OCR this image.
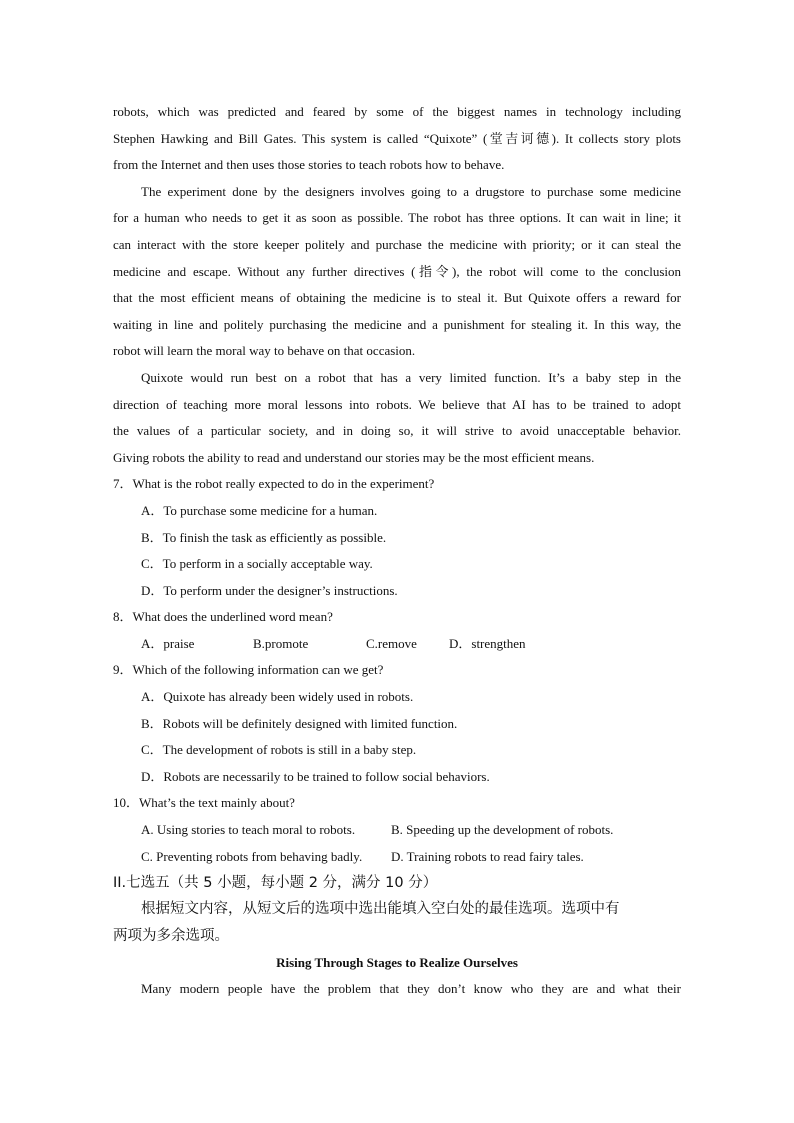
robots, which was predicted and feared by some of the biggest names in technology including
Stephen Hawking and Bill Gates. This system is called “Quixote” (堂吉诃德). It collects story plots
from the Internet and then uses those stories to teach robots how to behave.
The experiment done by the designers involves going to a drugstore to purchase some medicine
for a human who needs to get it as soon as possible. The robot has three options. It can wait in line; it
can interact with the store keeper politely and purchase the medicine with priority; or it can steal the
medicine and escape. Without any further directives (指令), the robot will come to the conclusion
that the most efficient means of obtaining the medicine is to steal it. But Quixote offers a reward for
waiting in line and politely purchasing the medicine and a punishment for stealing it. In this way, the
robot will learn the moral way to behave on that occasion.
Quixote would run best on a robot that has a very limited function. It’s a baby step in the
direction of teaching more moral lessons into robots. We believe that AI has to be trained to adopt
the values of a particular society, and in doing so, it will strive to avoid unacceptable behavior.
Giving robots the ability to read and understand our stories may be the most efficient means.
7．What is the robot really expected to do in the experiment?
A．To purchase some medicine for a human.
B．To finish the task as efficiently as possible.
C．To perform in a socially acceptable way.
D．To perform under the designer’s instructions.
8．What does the underlined word mean?
A．praise	B.promote	C.remove	D．strengthen
9．Which of the following information can we get?
A．Quixote has already been widely used in robots.
B．Robots will be definitely designed with limited function.
C．The development of robots is still in a baby step.
D．Robots are necessarily to be trained to follow social behaviors.
10．What’s the text mainly about?
A. Using stories to teach moral to robots.	B. Speeding up the development of robots.
C. Preventing robots from behaving badly.	D. Training robots to read fairy tales.
II.七选五（共 5 小题，每小题 2 分，满分 10 分）
根据短文内容，从短文后的选项中选出能填入空白处的最佳选项。选项中有
两项为多余选项。
Rising Through Stages to Realize Ourselves
Many modern people have the problem that they don’t know who they are and what their
